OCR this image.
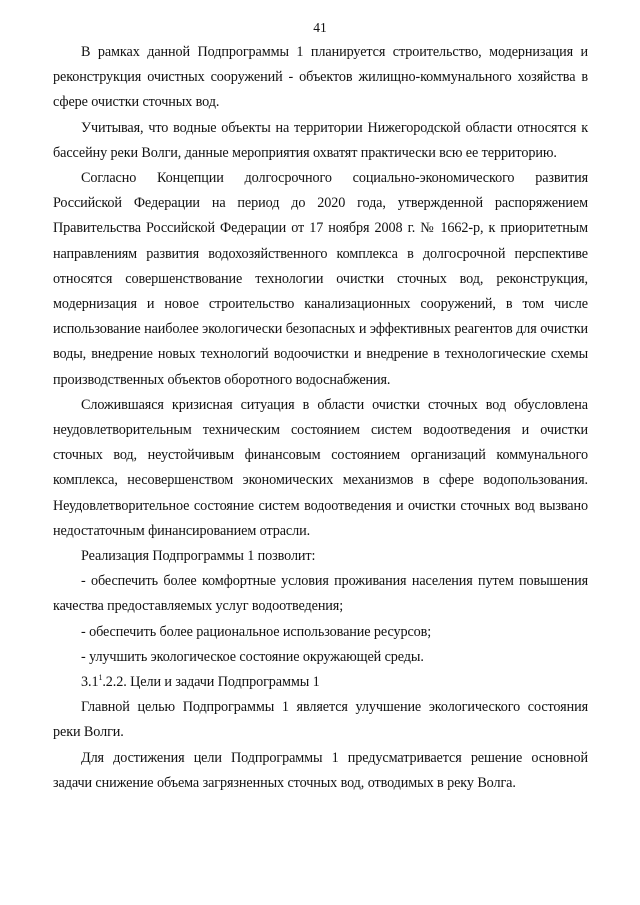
41

В рамках данной Подпрограммы 1 планируется строительство, модернизация и реконструкция очистных сооружений - объектов жилищно-коммунального хозяйства в сфере очистки сточных вод.

Учитывая, что водные объекты на территории Нижегородской области относятся к бассейну реки Волги, данные мероприятия охватят практически всю ее территорию.

Согласно Концепции долгосрочного социально-экономического развития Российской Федерации на период до 2020 года, утвержденной распоряжением Правительства Российской Федерации от 17 ноября 2008 г. № 1662-р, к приоритетным направлениям развития водохозяйственного комплекса в долгосрочной перспективе относятся совершенствование технологии очистки сточных вод, реконструкция, модернизация и новое строительство канализационных сооружений, в том числе использование наиболее экологически безопасных и эффективных реагентов для очистки воды, внедрение новых технологий водоочистки и внедрение в технологические схемы производственных объектов оборотного водоснабжения.

Сложившаяся кризисная ситуация в области очистки сточных вод обусловлена неудовлетворительным техническим состоянием систем водоотведения и очистки сточных вод, неустойчивым финансовым состоянием организаций коммунального комплекса, несовершенством экономических механизмов в сфере водопользования. Неудовлетворительное состояние систем водоотведения и очистки сточных вод вызвано недостаточным финансированием отрасли.

Реализация Подпрограммы 1 позволит:

- обеспечить более комфортные условия проживания населения путем повышения качества предоставляемых услуг водоотведения;

- обеспечить более рациональное использование ресурсов;

- улучшить экологическое состояние окружающей среды.

$3.1^1.2.2$. Цели и задачи Подпрограммы 1

Главной целью Подпрограммы 1 является улучшение экологического состояния реки Волги.

Для достижения цели Подпрограммы 1 предусматривается решение основной задачи снижение объема загрязненных сточных вод, отводимых в реку Волга.
